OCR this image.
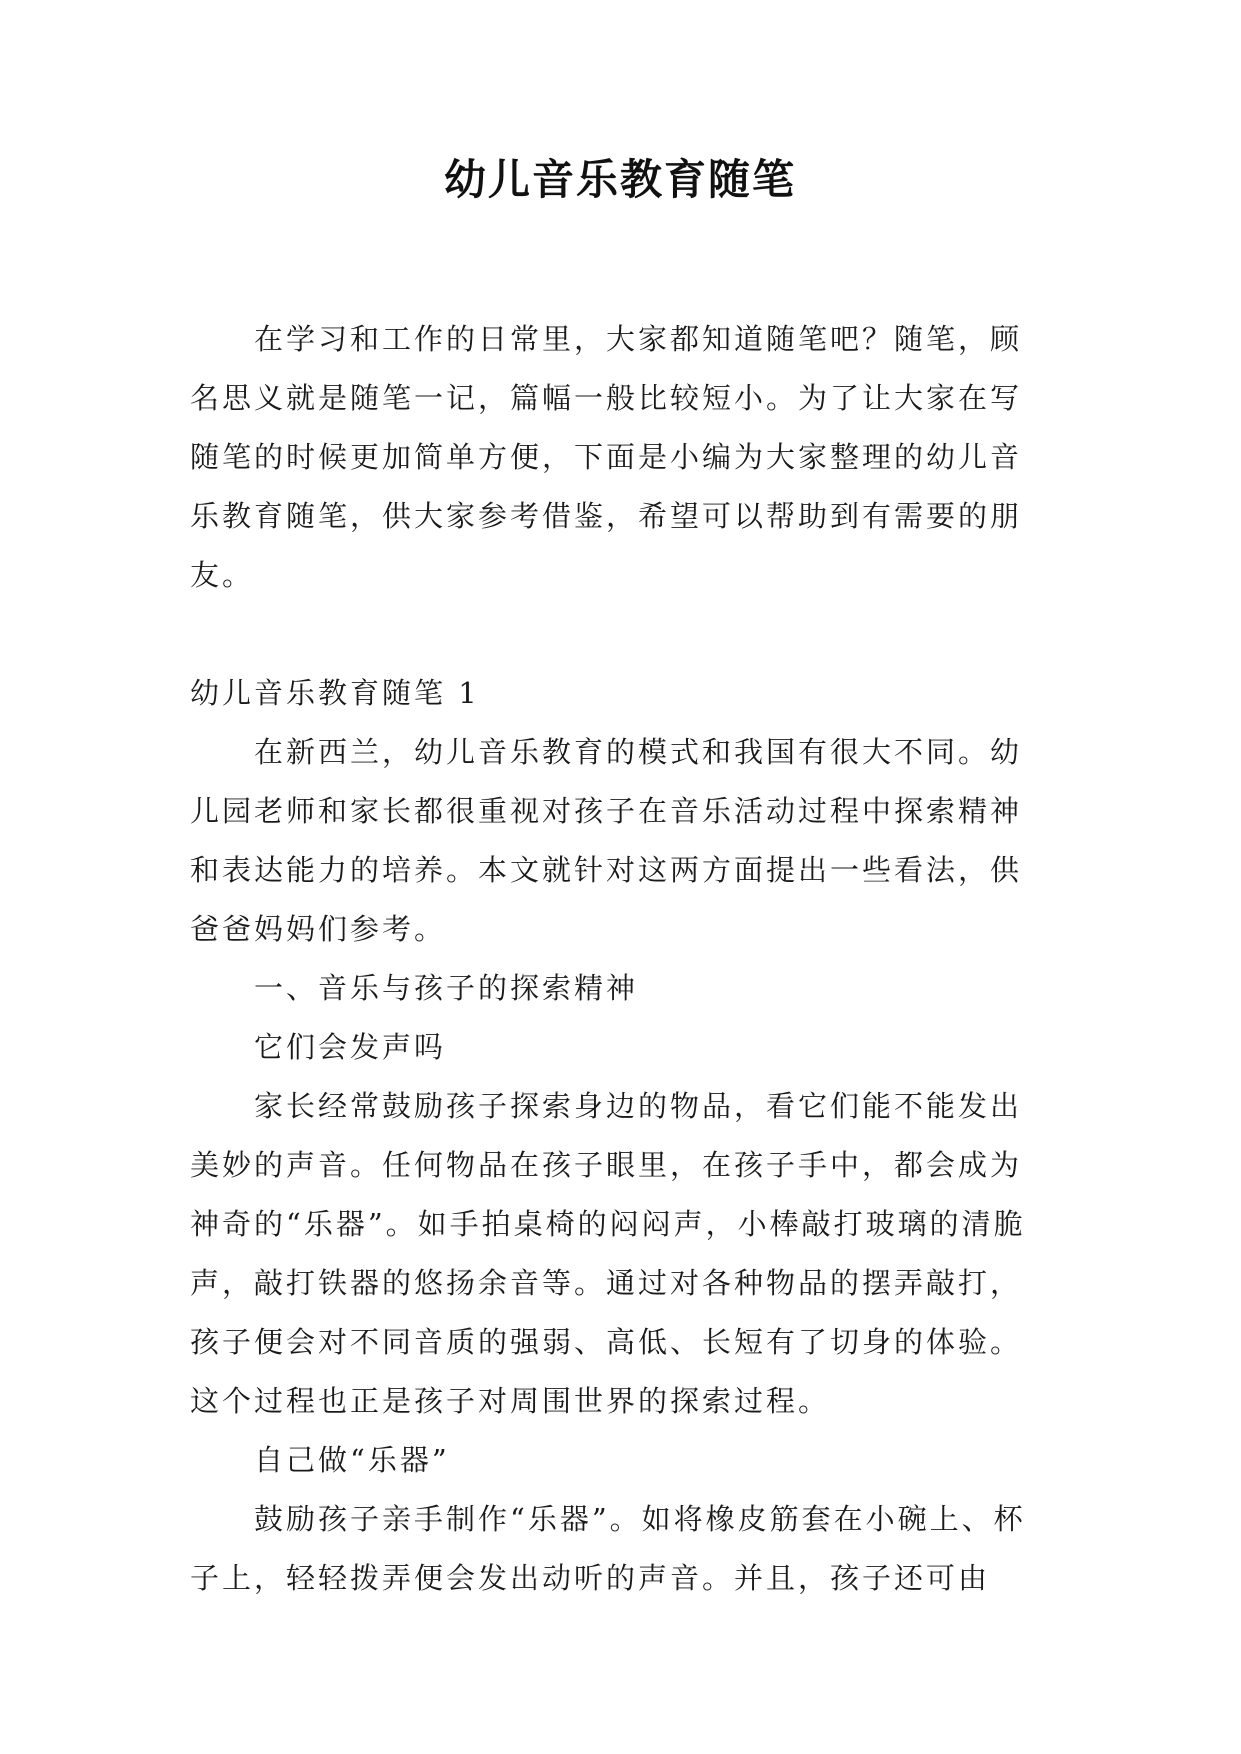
幼儿音乐教育随笔

在学习和工作的日常里，大家都知道随笔吧？随笔，顾名思义就是随笔一记，篇幅一般比较短小。为了让大家在写随笔的时候更加简单方便，下面是小编为大家整理的幼儿音乐教育随笔，供大家参考借鉴，希望可以帮助到有需要的朋友。

幼儿音乐教育随笔 1

在新西兰，幼儿音乐教育的模式和我国有很大不同。幼儿园老师和家长都很重视对孩子在音乐活动过程中探索精神和表达能力的培养。本文就针对这两方面提出一些看法，供爸爸妈妈们参考。

一、音乐与孩子的探索精神

它们会发声吗

家长经常鼓励孩子探索身边的物品，看它们能不能发出美妙的声音。任何物品在孩子眼里，在孩子手中，都会成为神奇的“乐器”。如手拍桌椅的闷闷声，小棒敲打玻璃的清脆声，敲打铁器的悠扬余音等。通过对各种物品的摆弄敲打，孩子便会对不同音质的强弱、高低、长短有了切身的体验。这个过程也正是孩子对周围世界的探索过程。

自己做“乐器”

鼓励孩子亲手制作“乐器”。如将橡皮筋套在小碗上、杯子上，轻轻拨弄便会发出动听的声音。并且，孩子还可由
